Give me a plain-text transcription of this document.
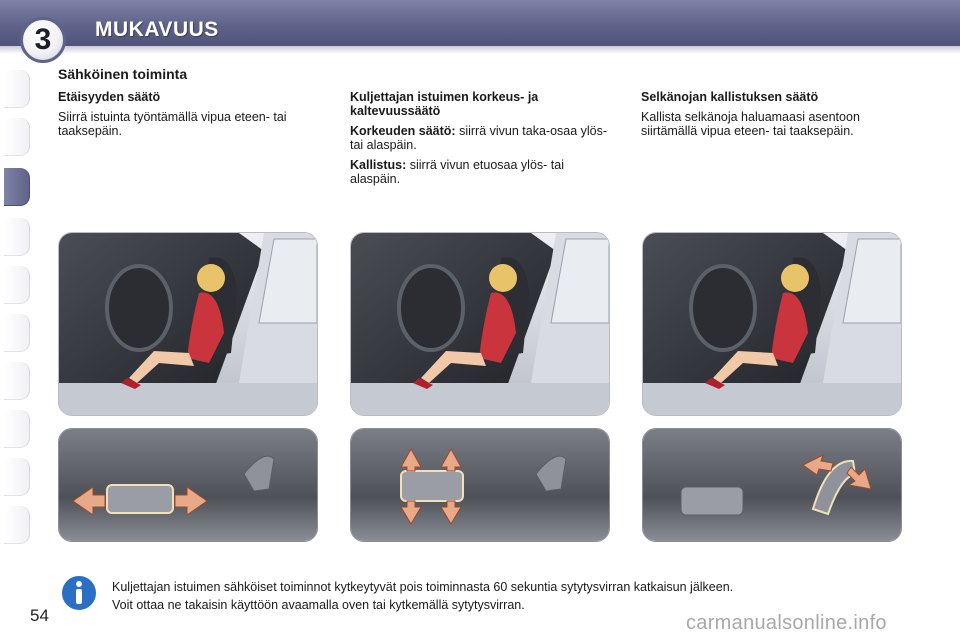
3	MUKAVUUS
Sähköinen toiminta
Etäisyyden säätö

Siirrä istuinta työntämällä vipua eteen- tai taaksepäin.

Kuljettajan istuimen korkeus- ja kaltevuussäätö

Korkeuden säätö: siirrä vivun taka-osaa ylös- tai alaspäin.

Kallistus: siirrä vivun etuosaa ylös- tai alaspäin.

Selkänojan kallistuksen säätö

Kallista selkänoja haluamaasi asentoon siirtämällä vipua eteen- tai taaksepäin.

Kuljettajan istuimen sähköiset toiminnot kytkeytyvät pois toiminnasta 60 sekuntia sytytysvirran katkaisun jälkeen.
Voit ottaa ne takaisin käyttöön avaamalla oven tai kytkemällä sytytysvirran.
54	carmanualsonline.info
